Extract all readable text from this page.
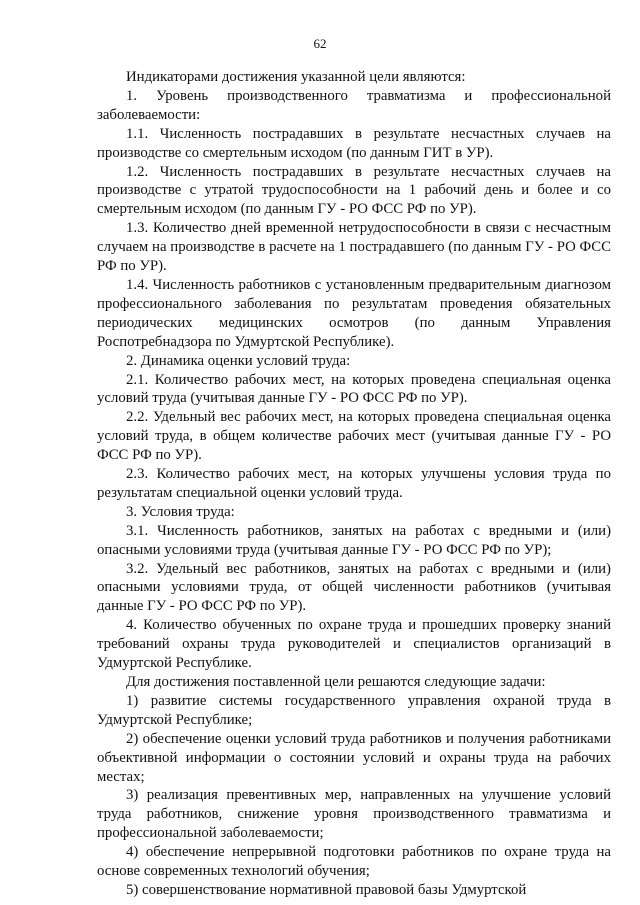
62

Индикаторами достижения указанной цели являются:

1. Уровень производственного травматизма и профессиональной заболеваемости:

1.1. Численность пострадавших в результате несчастных случаев на производстве со смертельным исходом (по данным ГИТ в УР).

1.2. Численность пострадавших в результате несчастных случаев на производстве с утратой трудоспособности на 1 рабочий день и более и со смертельным исходом (по данным ГУ - РО ФСС РФ по УР).

1.3. Количество дней временной нетрудоспособности в связи с несчастным случаем на производстве в расчете на 1 пострадавшего (по данным ГУ - РО ФСС РФ по УР).

1.4. Численность работников с установленным предварительным диагнозом профессионального заболевания по результатам проведения обязательных периодических медицинских осмотров (по данным Управления Роспотребнадзора по Удмуртской Республике).

2. Динамика оценки условий труда:

2.1. Количество рабочих мест, на которых проведена специальная оценка условий труда (учитывая данные ГУ - РО ФСС РФ по УР).

2.2. Удельный вес рабочих мест, на которых проведена специальная оценка условий труда, в общем количестве рабочих мест (учитывая данные ГУ - РО ФСС РФ по УР).

2.3. Количество рабочих мест, на которых улучшены условия труда по результатам специальной оценки условий труда.

3. Условия труда:

3.1. Численность работников, занятых на работах с вредными и (или) опасными условиями труда (учитывая данные ГУ - РО ФСС РФ по УР);

3.2. Удельный вес работников, занятых на работах с вредными и (или) опасными условиями труда, от общей численности работников (учитывая данные ГУ - РО ФСС РФ по УР).

4. Количество обученных по охране труда и прошедших проверку знаний требований охраны труда руководителей и специалистов организаций в Удмуртской Республике.

Для достижения поставленной цели решаются следующие задачи:

1) развитие системы государственного управления охраной труда в Удмуртской Республике;

2) обеспечение оценки условий труда работников и получения работниками объективной информации о состоянии условий и охраны труда на рабочих местах;

3) реализация превентивных мер, направленных на улучшение условий труда работников, снижение уровня производственного травматизма и профессиональной заболеваемости;

4) обеспечение непрерывной подготовки работников по охране труда на основе современных технологий обучения;

5) совершенствование нормативной правовой базы Удмуртской
